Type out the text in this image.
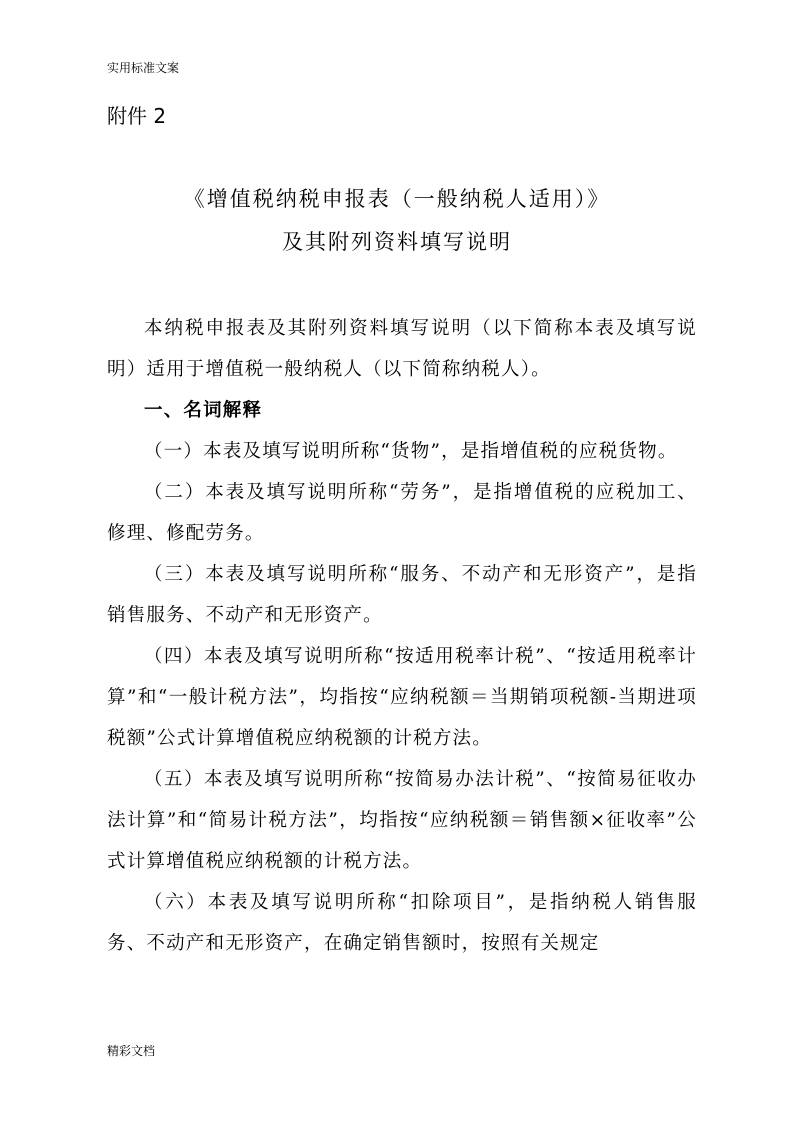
实用标准文案
附件 2
《增值税纳税申报表（一般纳税人适用）》
及其附列资料填写说明

本纳税申报表及其附列资料填写说明（以下简称本表及填写说明）适用于增值税一般纳税人（以下简称纳税人）。

一、名词解释

（一）本表及填写说明所称“货物”，是指增值税的应税货物。

（二）本表及填写说明所称“劳务”，是指增值税的应税加工、修理、修配劳务。

（三）本表及填写说明所称“服务、不动产和无形资产”，是指销售服务、不动产和无形资产。

（四）本表及填写说明所称“按适用税率计税”、“按适用税率计算”和“一般计税方法”，均指按“应纳税额＝当期销项税额-当期进项税额”公式计算增值税应纳税额的计税方法。

（五）本表及填写说明所称“按简易办法计税”、“按简易征收办法计算”和“简易计税方法”，均指按“应纳税额＝销售额×征收率”公式计算增值税应纳税额的计税方法。

（六）本表及填写说明所称“扣除项目”，是指纳税人销售服务、不动产和无形资产，在确定销售额时，按照有关规定

精彩文档
